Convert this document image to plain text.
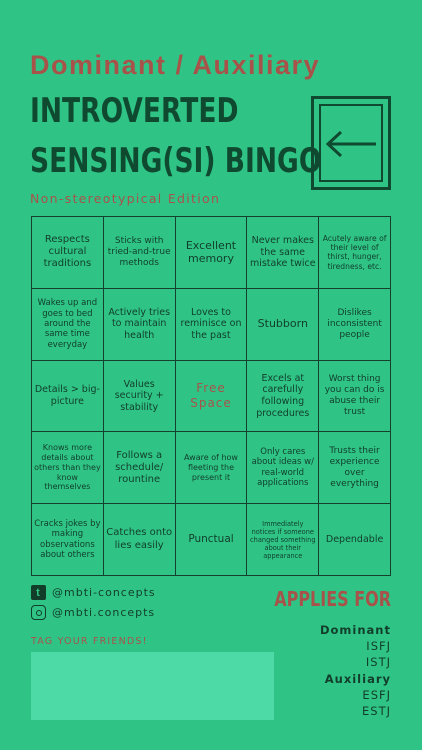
Dominant / Auxiliary
INTROVERTED
SENSING(SI) BINGO
Non-stereotypical Edition
Respects cultural traditions
Sticks with tried-and-true methods
Excellent memory
Never makes the same mistake twice
Acutely aware of their level of thirst, hunger, tiredness, etc.
Wakes up and goes to bed around the same time everyday
Actively tries to maintain health
Loves to reminisce on the past
Stubborn
Dislikes inconsistent people
Details > big-picture
Values security + stability
Free Space
Excels at carefully following procedures
Worst thing you can do is abuse their trust
Knows more details about others than they know themselves
Follows a schedule/ rountine
Aware of how fleeting the present it
Only cares about ideas w/ real-world applications
Trusts their experience over everything
Cracks jokes by making observations about others
Catches onto lies easily	Punctual
Immediately notices if someone changed something about their appearance
Dependable
t	@mbti-concepts
@mbti.concepts
TAG YOUR FRIENDS!
APPLIES FOR
Dominant
ISFJ
ISTJ
Auxiliary
ESFJ
ESTJ
